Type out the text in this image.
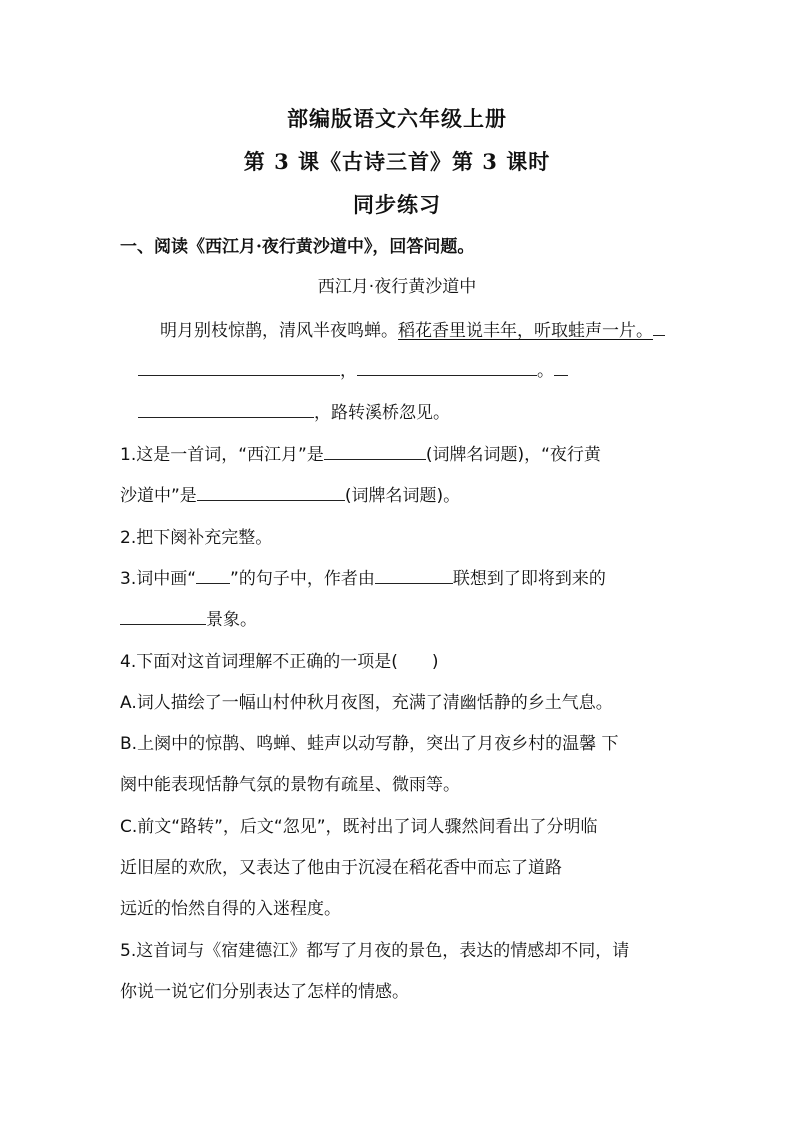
部编版语文六年级上册
第 3 课《古诗三首》第 3 课时
同步练习
一、阅读《西江月·夜行黄沙道中》，回答问题。
西江月·夜行黄沙道中
明月别枝惊鹊，清风半夜鸣蝉。稻花香里说丰年，听取蛙声一片。
，	。
，路转溪桥忽见。
1.这是一首词，“西江月”是	(词牌名词题)，“夜行黄
沙道中”是	(词牌名词题)。
2.把下阕补充完整。
3.词中画“ ”的句子中，作者由	联想到了即将到来的
景象。
4.下面对这首词理解不正确的一项是(　　)
A.词人描绘了一幅山村仲秋月夜图，充满了清幽恬静的乡土气息。
B.上阕中的惊鹊、鸣蝉、蛙声以动写静，突出了月夜乡村的温馨 下
阕中能表现恬静气氛的景物有疏星、微雨等。
C.前文“路转”，后文“忽见”，既衬出了词人骤然间看出了分明临
近旧屋的欢欣，又表达了他由于沉浸在稻花香中而忘了道路
远近的怡然自得的入迷程度。
5.这首词与《宿建德江》都写了月夜的景色，表达的情感却不同，请
你说一说它们分别表达了怎样的情感。
